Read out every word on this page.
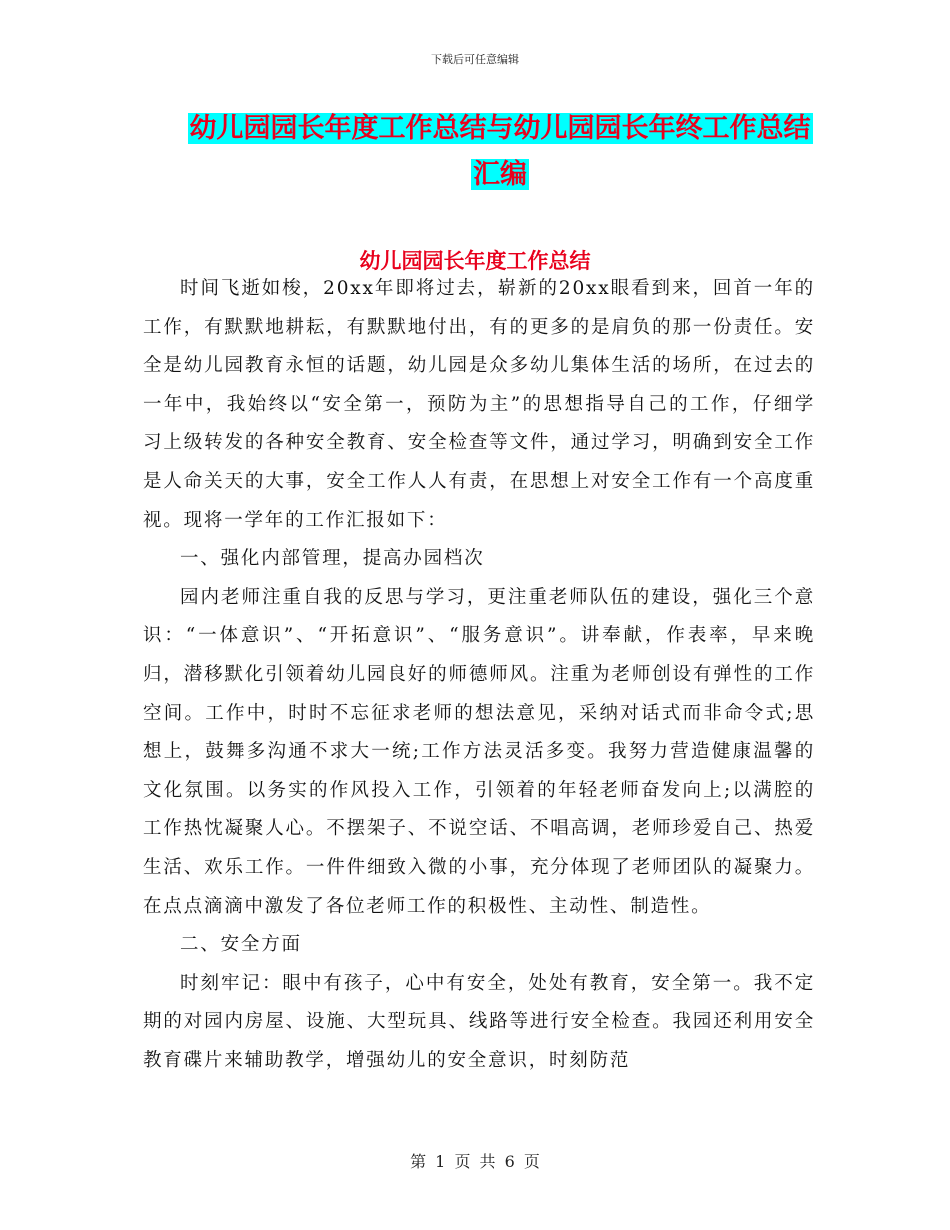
下载后可任意编辑
幼儿园园长年度工作总结与幼儿园园长年终工作总结
汇编
幼儿园园长年度工作总结

时间飞逝如梭，20xx年即将过去，崭新的20xx眼看到来，回首一年的工作，有默默地耕耘，有默默地付出，有的更多的是肩负的那一份责任。安全是幼儿园教育永恒的话题，幼儿园是众多幼儿集体生活的场所，在过去的一年中，我始终以“安全第一，预防为主”的思想指导自己的工作，仔细学习上级转发的各种安全教育、安全检查等文件，通过学习，明确到安全工作是人命关天的大事，安全工作人人有责，在思想上对安全工作有一个高度重视。现将一学年的工作汇报如下：

一、强化内部管理，提高办园档次

园内老师注重自我的反思与学习，更注重老师队伍的建设，强化三个意识：“一体意识”、“开拓意识”、“服务意识”。讲奉献，作表率，早来晚归，潜移默化引领着幼儿园良好的师德师风。注重为老师创设有弹性的工作空间。工作中，时时不忘征求老师的想法意见，采纳对话式而非命令式;思想上，鼓舞多沟通不求大一统;工作方法灵活多变。我努力营造健康温馨的文化氛围。以务实的作风投入工作，引领着的年轻老师奋发向上;以满腔的工作热忱凝聚人心。不摆架子、不说空话、不唱高调，老师珍爱自己、热爱生活、欢乐工作。一件件细致入微的小事，充分体现了老师团队的凝聚力。在点点滴滴中激发了各位老师工作的积极性、主动性、制造性。

二、安全方面

时刻牢记：眼中有孩子，心中有安全，处处有教育，安全第一。我不定期的对园内房屋、设施、大型玩具、线路等进行安全检查。我园还利用安全教育碟片来辅助教学，增强幼儿的安全意识，时刻防范

第 1 页 共 6 页
